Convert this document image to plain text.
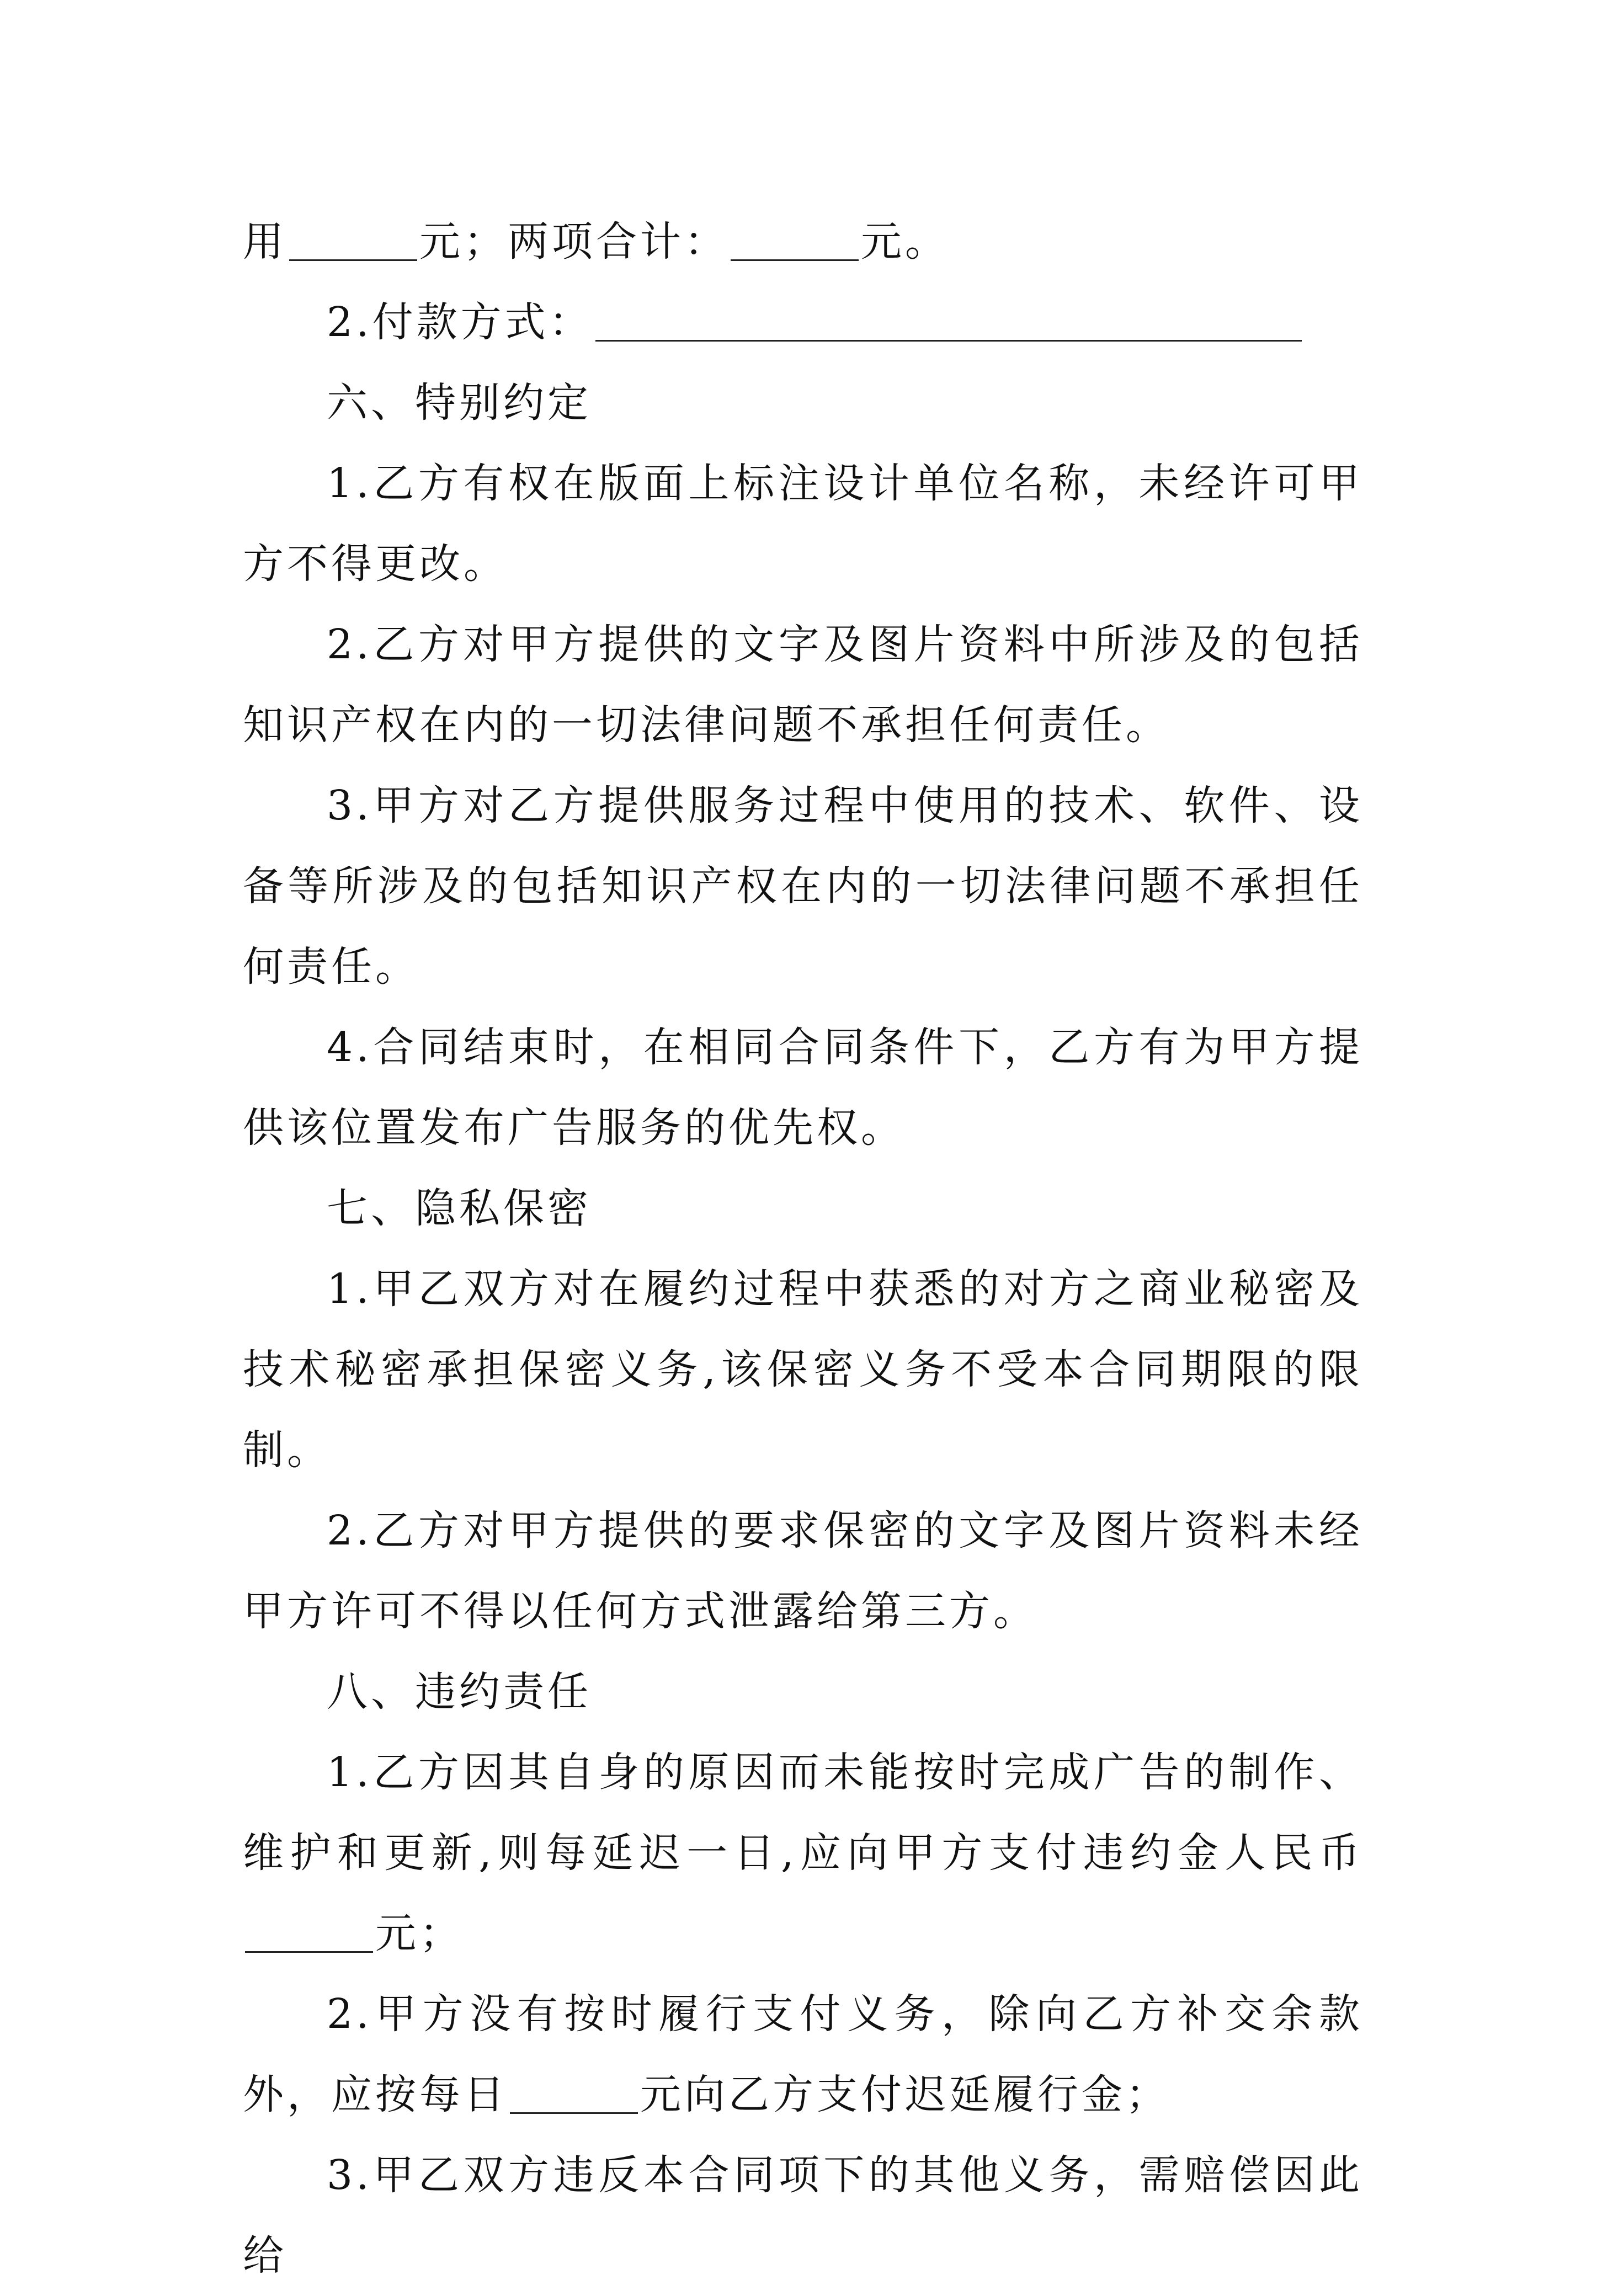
用	元；两项合计：	元。

2.付款方式：

六、特别约定

1.乙方有权在版面上标注设计单位名称，未经许可甲方不得更改。

2.乙方对甲方提供的文字及图片资料中所涉及的包括知识产权在内的一切法律问题不承担任何责任。

3.甲方对乙方提供服务过程中使用的技术、软件、设备等所涉及的包括知识产权在内的一切法律问题不承担任何责任。

4.合同结束时，在相同合同条件下，乙方有为甲方提供该位置发布广告服务的优先权。

七、隐私保密

1.甲乙双方对在履约过程中获悉的对方之商业秘密及技术秘密承担保密义务,该保密义务不受本合同期限的限制。

2.乙方对甲方提供的要求保密的文字及图片资料未经甲方许可不得以任何方式泄露给第三方。

八、违约责任

1.乙方因其自身的原因而未能按时完成广告的制作、维护和更新,则每延迟一日,应向甲方支付违约金人民币元；

2.甲方没有按时履行支付义务，除向乙方补交余款外，应按每日	元向乙方支付迟延履行金；

3.甲乙双方违反本合同项下的其他义务，需赔偿因此给
